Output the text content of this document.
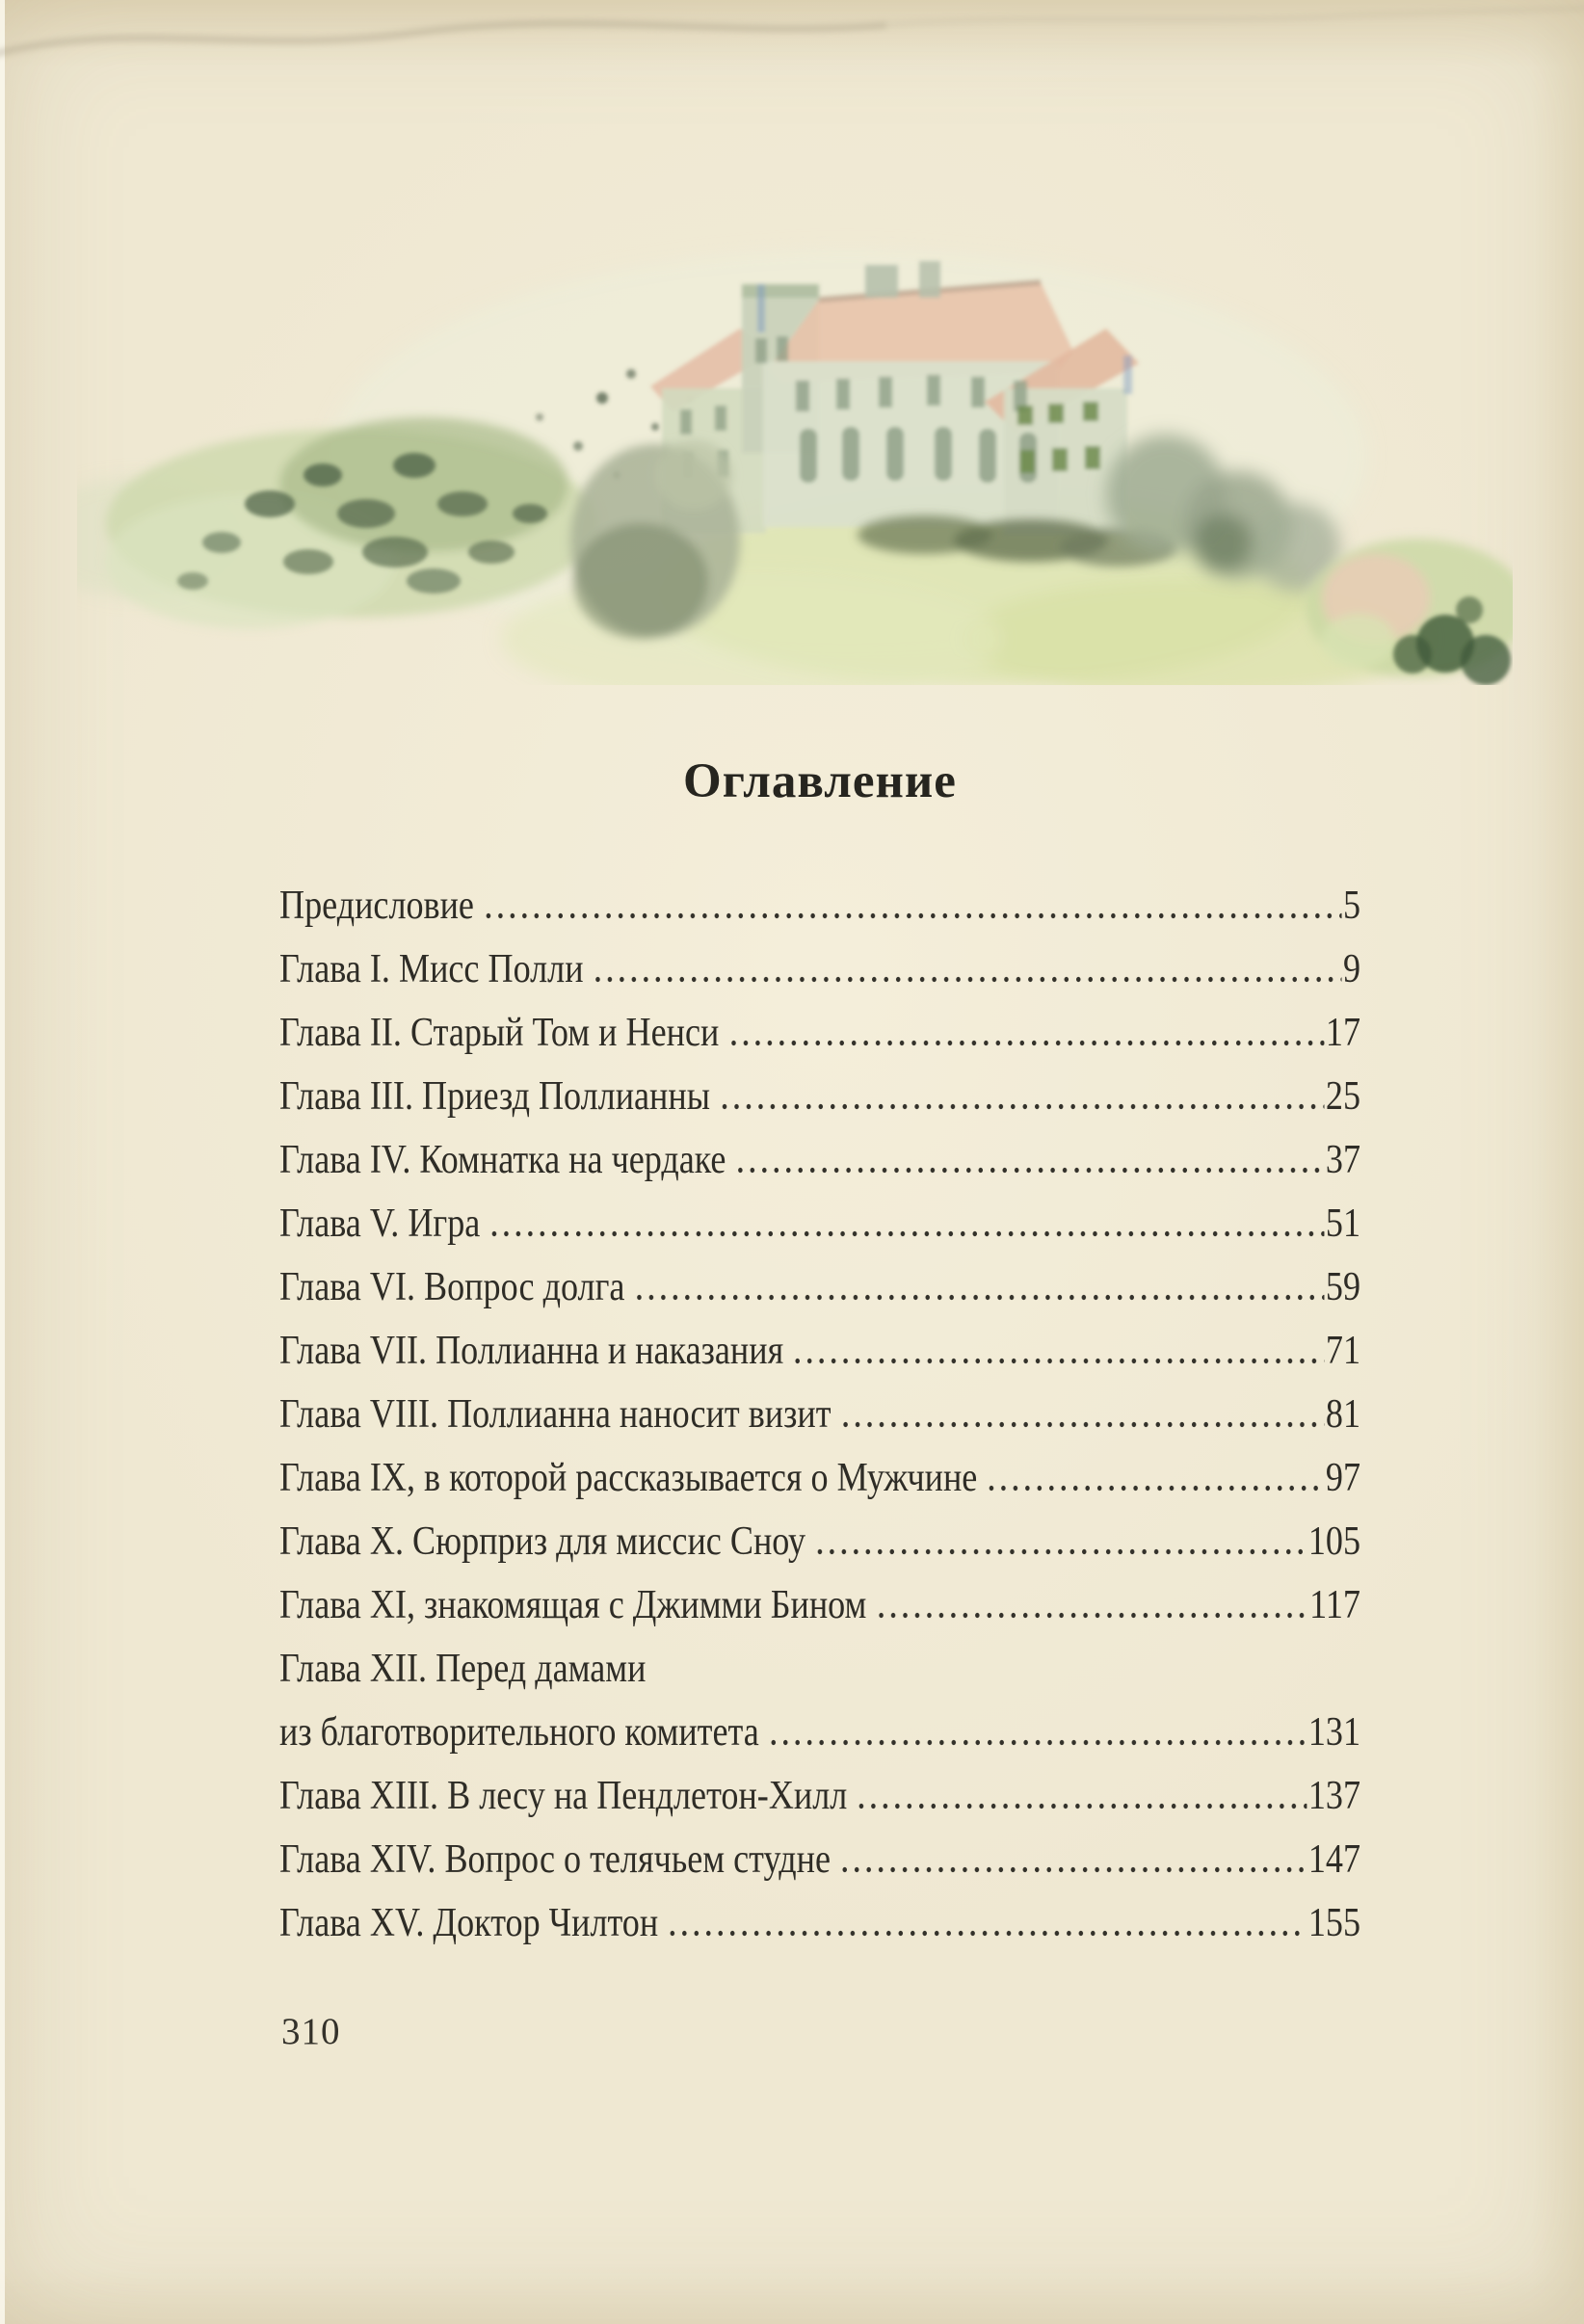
Оглавление
Предисловие	5
Глава I. Мисс Полли	9
Глава II. Старый Том и Ненси	17
Глава III. Приезд Поллианны	25
Глава IV. Комнатка на чердаке	37
Глава V. Игра	51
Глава VI. Вопрос долга	59
Глава VII. Поллианна и наказания	71
Глава VIII. Поллианна наносит визит	81
Глава IX, в которой рассказывается о Мужчине	97
Глава X. Сюрприз для миссис Сноу	105
Глава XI, знакомящая с Джимми Бином	117
Глава XII. Перед дамами
из благотворительного комитета	131
Глава XIII. В лесу на Пендлетон-Хилл	137
Глава XIV. Вопрос о телячьем студне	147
Глава XV. Доктор Чилтон	155
310
